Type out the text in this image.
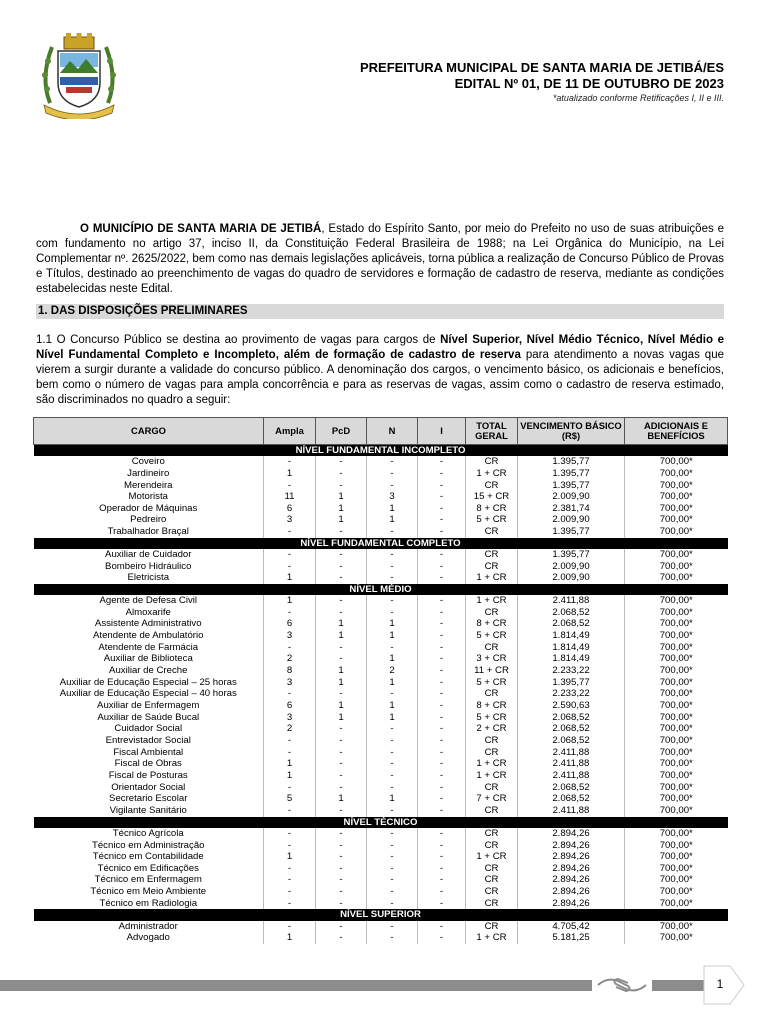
PREFEITURA MUNICIPAL DE SANTA MARIA DE JETIBÁ/ES
EDITAL Nº 01, DE 11 DE OUTUBRO DE 2023
*atualizado conforme Retificações I, II e III.

O MUNICÍPIO DE SANTA MARIA DE JETIBÁ, Estado do Espírito Santo, por meio do Prefeito no uso de suas atribuições e com fundamento no artigo 37, inciso II, da Constituição Federal Brasileira de 1988; na Lei Orgânica do Município, na Lei Complementar nº. 2625/2022, bem como nas demais legislações aplicáveis, torna pública a realização de Concurso Público de Provas e Títulos, destinado ao preenchimento de vagas do quadro de servidores e formação de cadastro de reserva, mediante as condições estabelecidas neste Edital.

1. DAS DISPOSIÇÕES PRELIMINARES

1.1 O Concurso Público se destina ao provimento de vagas para cargos de Nível Superior, Nível Médio Técnico, Nível Médio e Nível Fundamental Completo e Incompleto, além de formação de cadastro de reserva para atendimento a novas vagas que vierem a surgir durante a validade do concurso público. A denominação dos cargos, o vencimento básico, os adicionais e benefícios, bem como o número de vagas para ampla concorrência e para as reservas de vagas, assim como o cadastro de reserva estimado, são discriminados no quadro a seguir:

CARGO	Ampla	PcD	N	I	TOTAL GERAL	VENCIMENTO BÁSICO (R$)	ADICIONAIS E BENEFÍCIOS
NÍVEL FUNDAMENTAL INCOMPLETO							
Coveiro	-	-	-	-	CR	1.395,77	700,00*
Jardineiro	1	-	-	-	1 + CR	1.395,77	700,00*
Merendeira	-	-	-	-	CR	1.395,77	700,00*
Motorista	11	1	3	-	15 + CR	2.009,90	700,00*
Operador de Máquinas	6	1	1	-	8 + CR	2.381,74	700,00*
Pedreiro	3	1	1	-	5 + CR	2.009,90	700,00*
Trabalhador Braçal	-	-	-	-	CR	1.395,77	700,00*
NÍVEL FUNDAMENTAL COMPLETO							
Auxiliar de Cuidador	-	-	-	-	CR	1.395,77	700,00*
Bombeiro Hidráulico	-	-	-	-	CR	2.009,90	700,00*
Eletricista	1	-	-	-	1 + CR	2.009,90	700,00*
NÍVEL MÉDIO							
Agente de Defesa Civil	1	-	-	-	1 + CR	2.411,88	700,00*
Almoxarife	-	-	-	-	CR	2.068,52	700,00*
Assistente Administrativo	6	1	1	-	8 + CR	2.068,52	700,00*
Atendente de Ambulatório	3	1	1	-	5 + CR	1.814,49	700,00*
Atendente de Farmácia	-	-	-	-	CR	1.814,49	700,00*
Auxiliar de Biblioteca	2	-	1	-	3 + CR	1.814,49	700,00*
Auxiliar de Creche	8	1	2	-	11 + CR	2.233,22	700,00*
Auxiliar de Educação Especial – 25 horas	3	1	1	-	5 + CR	1.395,77	700,00*
Auxiliar de Educação Especial – 40 horas	-	-	-	-	CR	2.233,22	700,00*
Auxiliar de Enfermagem	6	1	1	-	8 + CR	2.590,63	700,00*
Auxiliar de Saúde Bucal	3	1	1	-	5 + CR	2.068,52	700,00*
Cuidador Social	2	-	-	-	2 + CR	2.068,52	700,00*
Entrevistador Social	-	-	-	-	CR	2.068,52	700,00*
Fiscal Ambiental	-	-	-	-	CR	2.411,88	700,00*
Fiscal de Obras	1	-	-	-	1 + CR	2.411,88	700,00*
Fiscal de Posturas	1	-	-	-	1 + CR	2.411,88	700,00*
Orientador Social	-	-	-	-	CR	2.068,52	700,00*
Secretario Escolar	5	1	1	-	7 + CR	2.068,52	700,00*
Vigilante Sanitário	-	-	-	-	CR	2.411,88	700,00*
NÍVEL TÉCNICO							
Técnico Agrícola	-	-	-	-	CR	2.894,26	700,00*
Técnico em Administração	-	-	-	-	CR	2.894,26	700,00*
Técnico em Contabilidade	1	-	-	-	1 + CR	2.894,26	700,00*
Técnico em Edificações	-	-	-	-	CR	2.894,26	700,00*
Técnico em Enfermagem	-	-	-	-	CR	2.894,26	700,00*
Técnico em Meio Ambiente	-	-	-	-	CR	2.894,26	700,00*
Técnico em Radiologia	-	-	-	-	CR	2.894,26	700,00*
NÍVEL SUPERIOR							
Administrador	-	-	-	-	CR	4.705,42	700,00*
Advogado	1	-	-	-	1 + CR	5.181,25	700,00*
1
